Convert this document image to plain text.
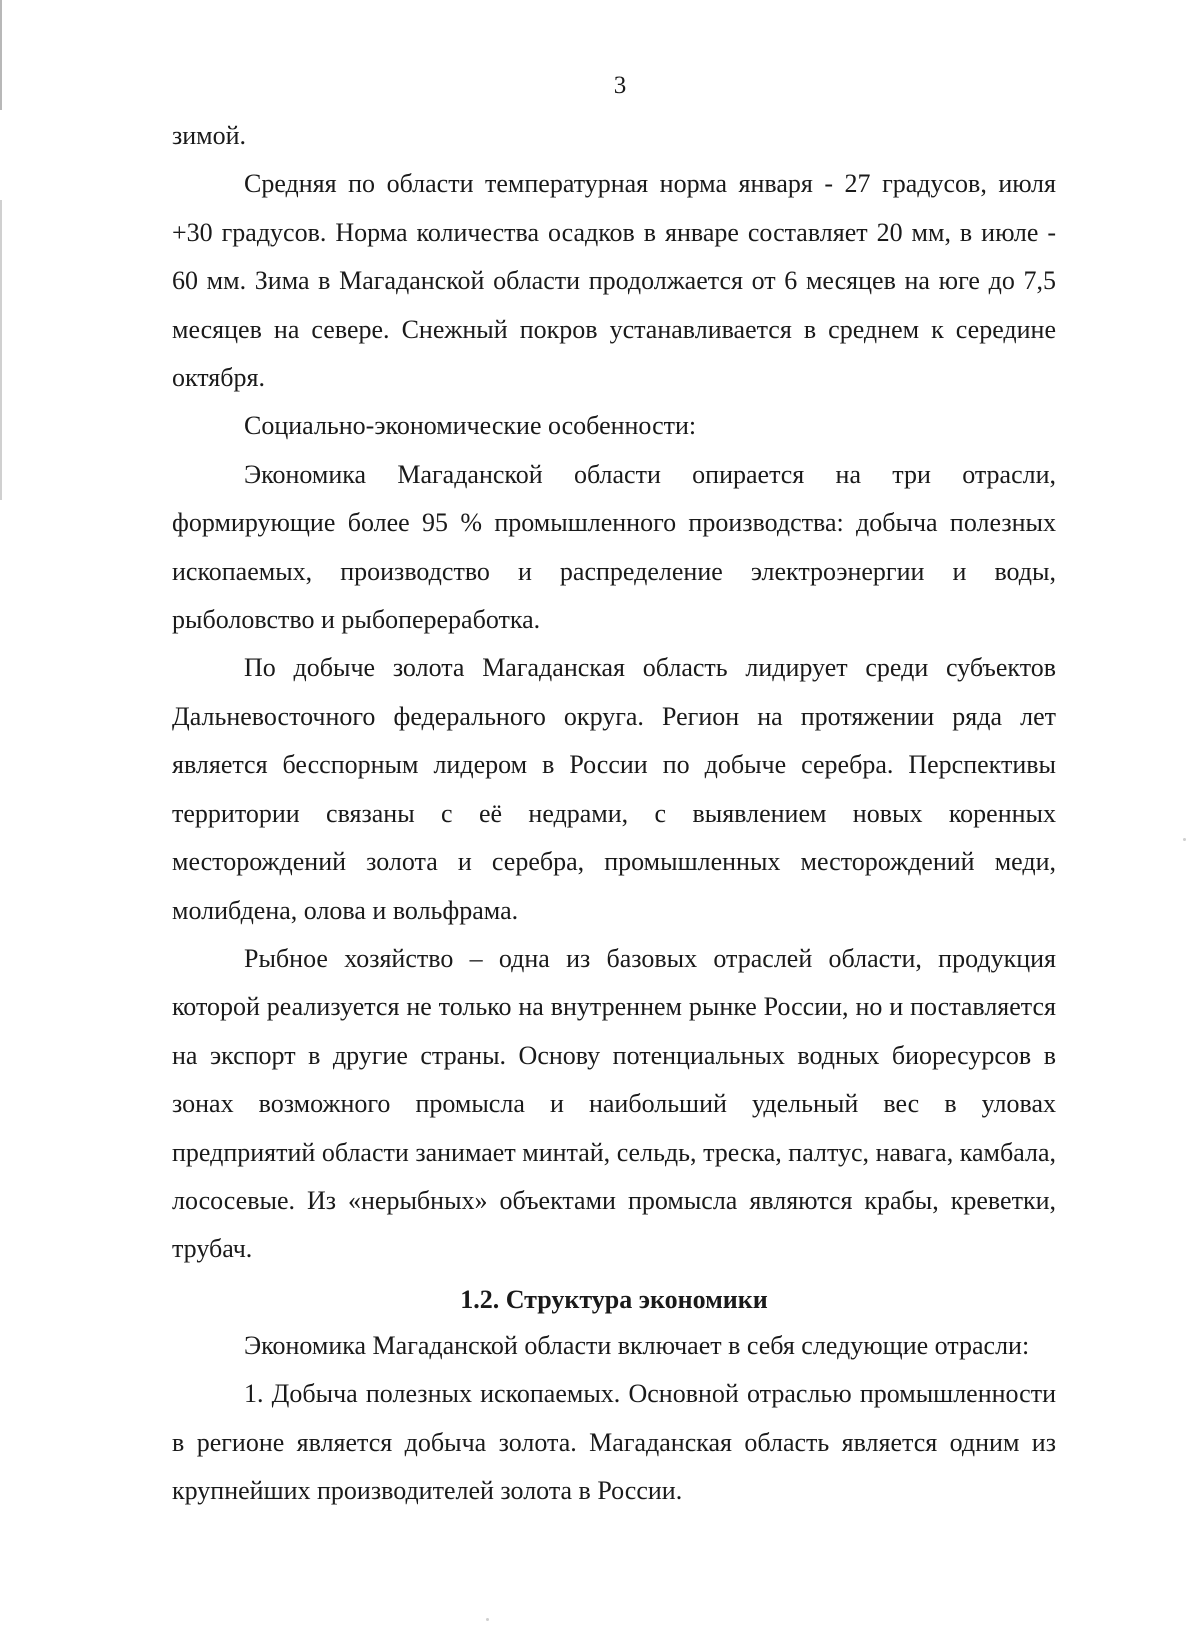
3

зимой.

Средняя по области температурная норма января - 27 градусов, июля +30 градусов. Норма количества осадков в январе составляет 20 мм, в июле - 60 мм. Зима в Магаданской области продолжается от 6 месяцев на юге до 7,5 месяцев на севере. Снежный покров устанавливается в среднем к середине октября.

Социально-экономические особенности:

Экономика Магаданской области опирается на три отрасли, формирующие более 95 % промышленного производства: добыча полезных ископаемых, производство и распределение электроэнергии и воды, рыболовство и рыбопереработка.

По добыче золота Магаданская область лидирует среди субъектов Дальневосточного федерального округа. Регион на протяжении ряда лет является бесспорным лидером в России по добыче серебра. Перспективы территории связаны с её недрами, с выявлением новых коренных месторождений золота и серебра, промышленных месторождений меди, молибдена, олова и вольфрама.

Рыбное хозяйство – одна из базовых отраслей области, продукция которой реализуется не только на внутреннем рынке России, но и поставляется на экспорт в другие страны. Основу потенциальных водных биоресурсов в зонах возможного промысла и наибольший удельный вес в уловах предприятий области занимает минтай, сельдь, треска, палтус, навага, камбала, лососевые. Из «нерыбных» объектами промысла являются крабы, креветки, трубач.

1.2. Структура экономики

Экономика Магаданской области включает в себя следующие отрасли:

1. Добыча полезных ископаемых. Основной отраслью промышленности в регионе является добыча золота. Магаданская область является одним из крупнейших производителей золота в России.
